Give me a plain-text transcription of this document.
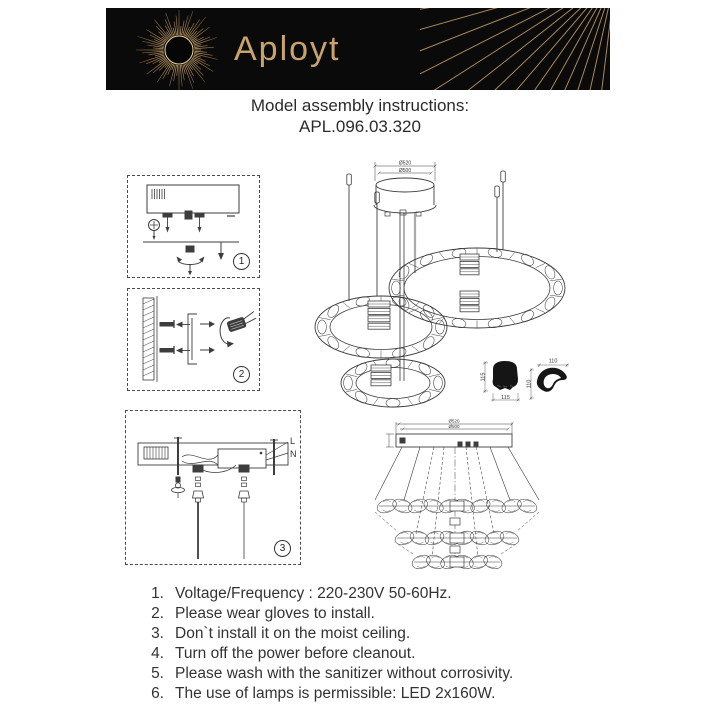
Aployt
Model assembly instructions:
APL.096.03.320
1
2
L
N
3
Ø520
Ø500
115
115
110
110
Ø520
Ø500
1. Voltage/Frequency : 220-230V 50-60Hz.
2. Please wear gloves to install.
3. Don`t install it on the moist ceiling.
4. Turn off the power before cleanout.
5. Please wash with the sanitizer without corrosivity.
6. The use of lamps is permissible: LED 2x160W.
